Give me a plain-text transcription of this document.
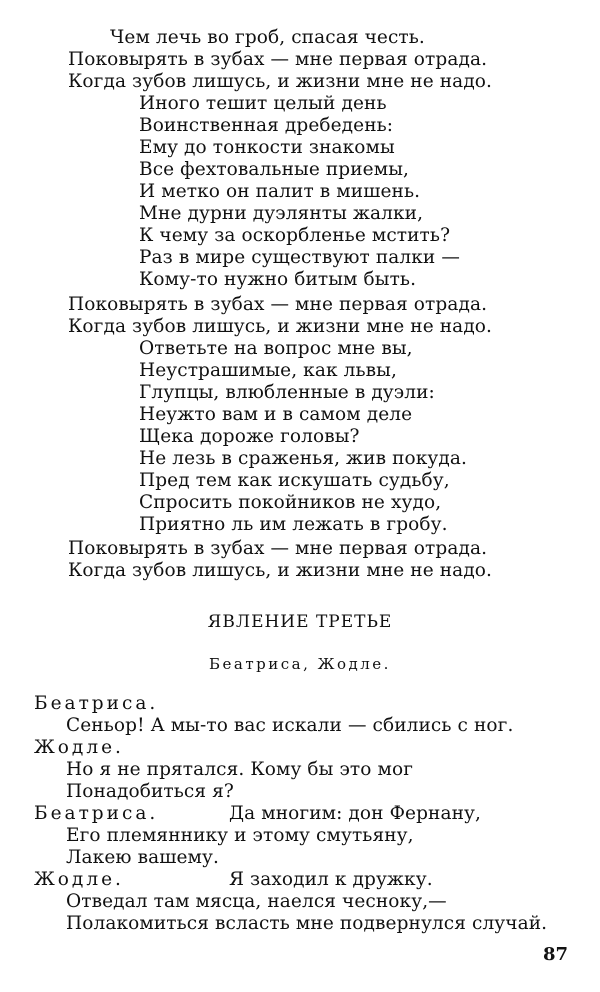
Чем лечь во гроб, спасая честь.
Поковырять в зубах — мне первая отрада.
Когда зубов лишусь, и жизни мне не надо.
Иного тешит целый день
Воинственная дребедень:
Ему до тонкости знакомы
Все фехтовальные приемы,
И метко он палит в мишень.
Мне дурни дуэлянты жалки,
К чему за оскорбленье мстить?
Раз в мире существуют палки —
Кому-то нужно битым быть.
Поковырять в зубах — мне первая отрада.
Когда зубов лишусь, и жизни мне не надо.
Ответьте на вопрос мне вы,
Неустрашимые, как львы,
Глупцы, влюбленные в дуэли:
Неужто вам и в самом деле
Щека дороже головы?
Не лезь в сраженья, жив покуда.
Пред тем как искушать судьбу,
Спросить покойников не худо,
Приятно ль им лежать в гробу.
Поковырять в зубах — мне первая отрада.
Когда зубов лишусь, и жизни мне не надо.
ЯВЛЕНИЕ ТРЕТЬЕ
Беатриса, Жодле.
Беатриса.
Сеньор! А мы-то вас искали — сбились с ног.
Жодле.
Но я не прятался. Кому бы это мог
Понадобиться я?
Беатриса.	Да многим: дон Фернану,
Его племяннику и этому смутьяну,
Лакею вашему.
Жодле.	Я заходил к дружку.
Отведал там мясца, наелся чесноку,—
Полакомиться всласть мне подвернулся случай.
87
